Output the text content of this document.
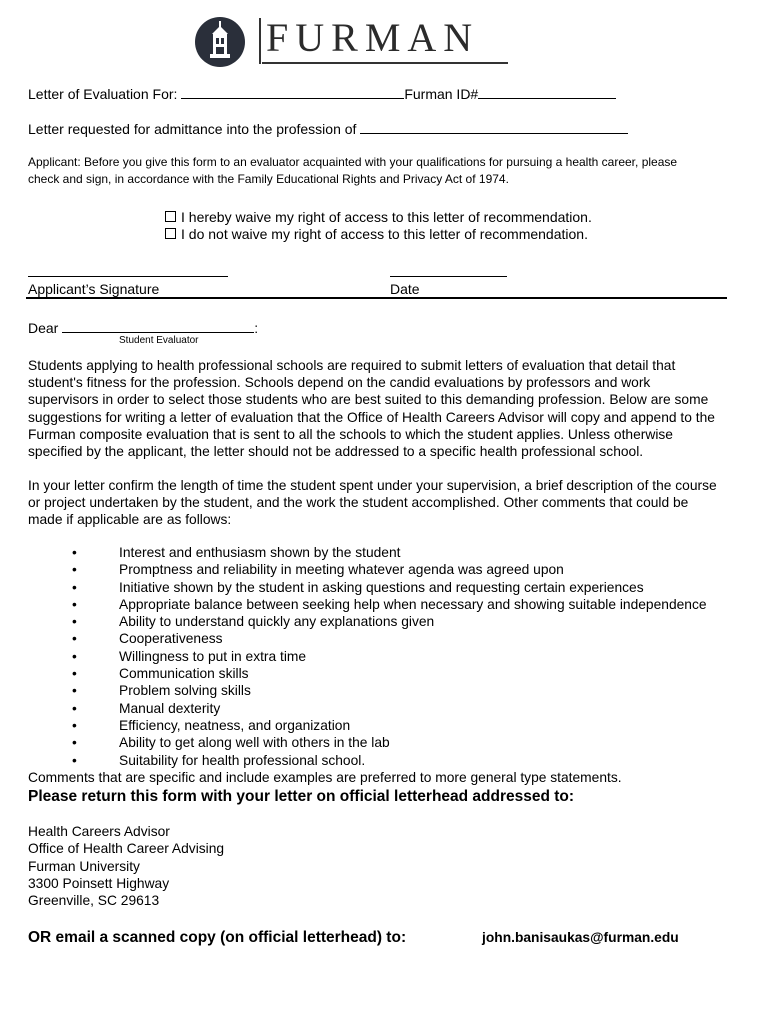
FURMAN
Letter of Evaluation For:	Furman ID#
Letter requested for admittance into the profession of
Applicant: Before you give this form to an evaluator acquainted with your qualifications for pursuing a health career, please
check and sign, in accordance with the Family Educational Rights and Privacy Act of 1974.
I hereby waive my right of access to this letter of recommendation.
I do not waive my right of access to this letter of recommendation.
Applicant’s Signature	Date
Dear	:
Student Evaluator
Students applying to health professional schools are required to submit letters of evaluation that detail that
student's fitness for the profession. Schools depend on the candid evaluations by professors and work
supervisors in order to select those students who are best suited to this demanding profession. Below are some
suggestions for writing a letter of evaluation that the Office of Health Careers Advisor will copy and append to the
Furman composite evaluation that is sent to all the schools to which the student applies. Unless otherwise
specified by the applicant, the letter should not be addressed to a specific health professional school.
In your letter confirm the length of time the student spent under your supervision, a brief description of the course
or project undertaken by the student, and the work the student accomplished. Other comments that could be
made if applicable are as follows:
•	Interest and enthusiasm shown by the student
•	Promptness and reliability in meeting whatever agenda was agreed upon
•	Initiative shown by the student in asking questions and requesting certain experiences
•	Appropriate balance between seeking help when necessary and showing suitable independence
•	Ability to understand quickly any explanations given
•	Cooperativeness
•	Willingness to put in extra time
•	Communication skills
•	Problem solving skills
•	Manual dexterity
•	Efficiency, neatness, and organization
•	Ability to get along well with others in the lab
•	Suitability for health professional school.
Comments that are specific and include examples are preferred to more general type statements.
Please return this form with your letter on official letterhead addressed to:
Health Careers Advisor
Office of Health Career Advising
Furman University
3300 Poinsett Highway
Greenville, SC 29613
OR email a scanned copy (on official letterhead) to:	john.banisaukas@furman.edu
